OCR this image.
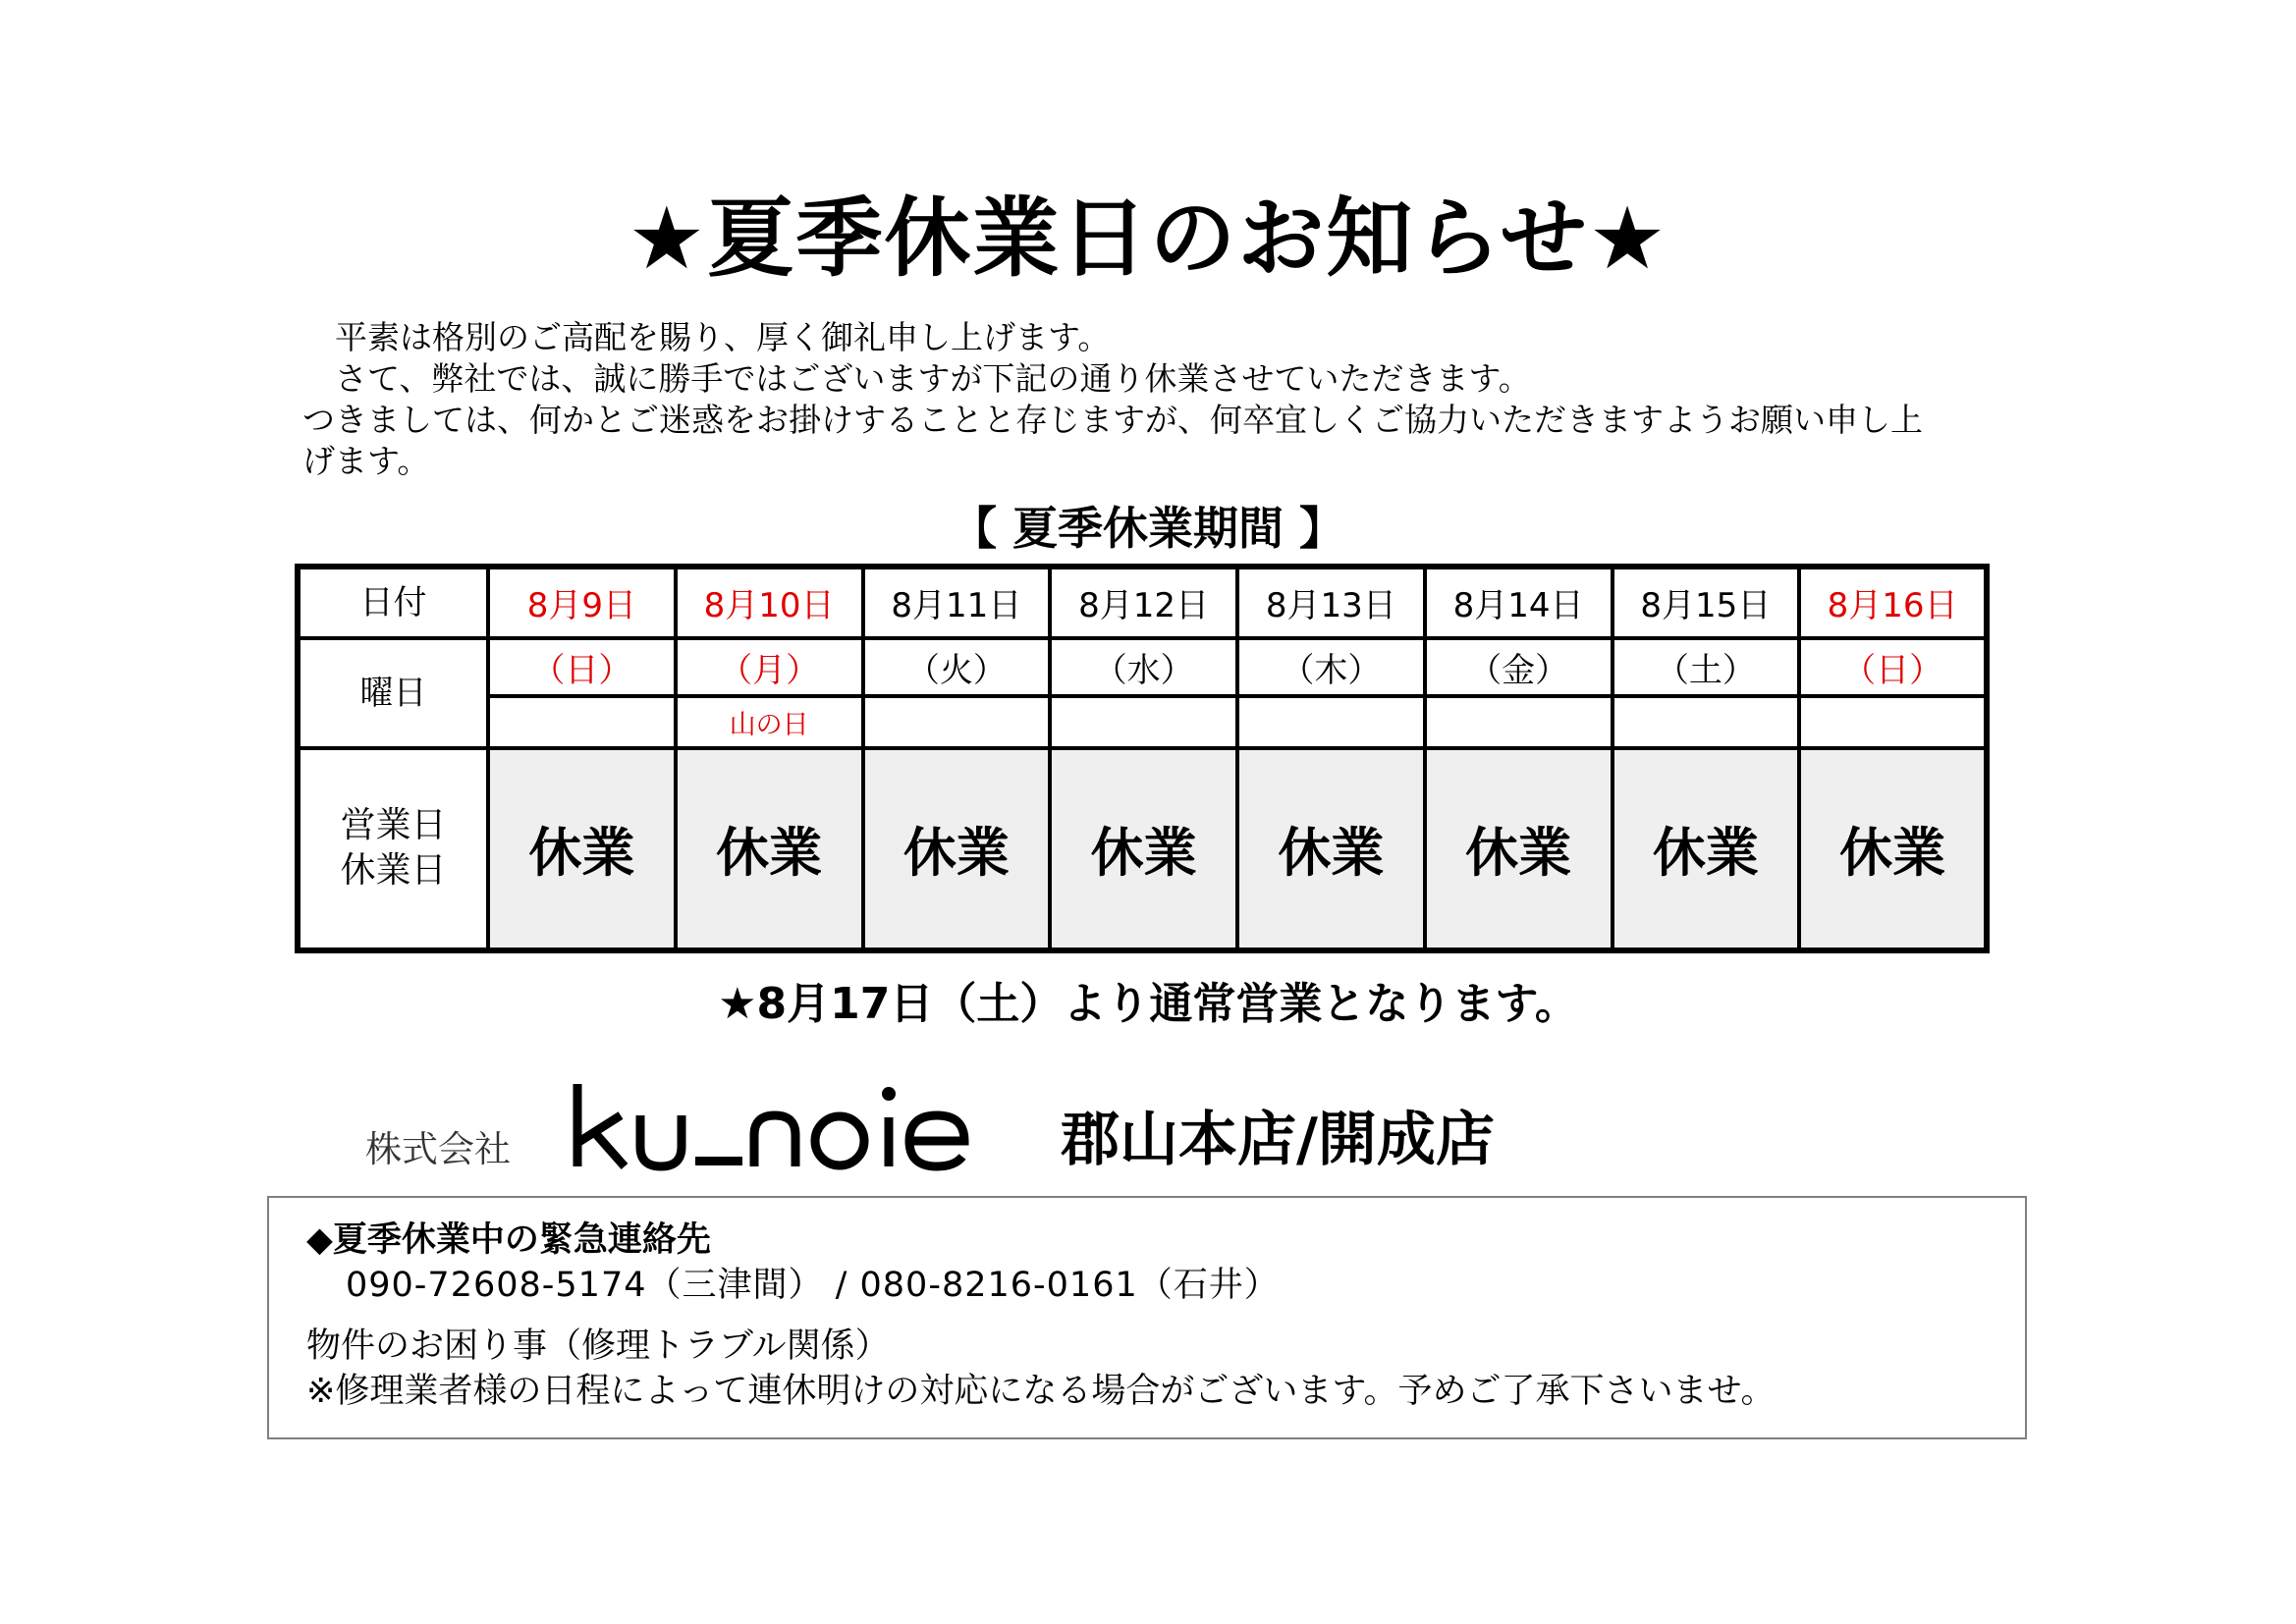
★夏季休業日のお知らせ★

　平素は格別のご高配を賜り、厚く御礼申し上げます。

　さて、弊社では、誠に勝手ではございますが下記の通り休業させていただきます。

つきましては、何かとご迷惑をお掛けすることと存じますが、何卒宜しくご協力いただきますようお願い申し上

げます。

【 夏季休業期間 】
日付	8月9日	8月10日	8月11日	8月12日	8月13日	8月14日	8月15日	8月16日
曜日	（日）	（月）	（火）	（水）	（木）	（金）	（土）	（日）
		山の日						

営業日
休業日	休業	休業	休業	休業	休業	休業	休業	休業
★8月17日（土）より通常営業となります。
株式会社	郡山本店/開成店
◆夏季休業中の緊急連絡先
090-72608-5174（三津間） / 080-8216-0161（石井）
物件のお困り事（修理トラブル関係）
※修理業者様の日程によって連休明けの対応になる場合がございます。予めご了承下さいませ。
